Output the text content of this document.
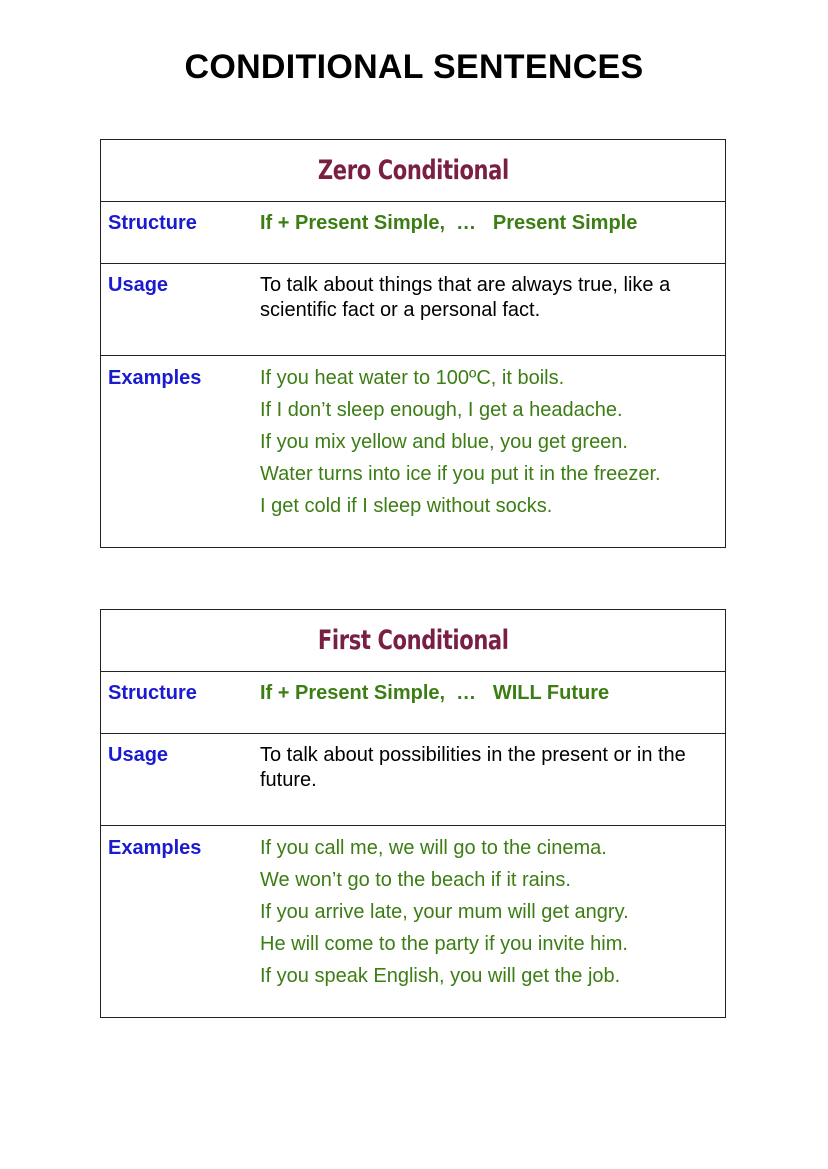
CONDITIONAL SENTENCES
Zero Conditional
Structure	If + Present Simple,  …   Present Simple
Usage	To talk about things that are always true, like a scientific fact or a personal fact.
Examples	If you heat water to 100ºC, it boils.
If I don’t sleep enough, I get a headache.
If you mix yellow and blue, you get green.
Water turns into ice if you put it in the freezer.
I get cold if I sleep without socks.
First Conditional
Structure	If + Present Simple,  …   WILL Future
Usage	To talk about possibilities in the present or in the future.
Examples	If you call me, we will go to the cinema.
We won’t go to the beach if it rains.
If you arrive late, your mum will get angry.
He will come to the party if you invite him.
If you speak English, you will get the job.
